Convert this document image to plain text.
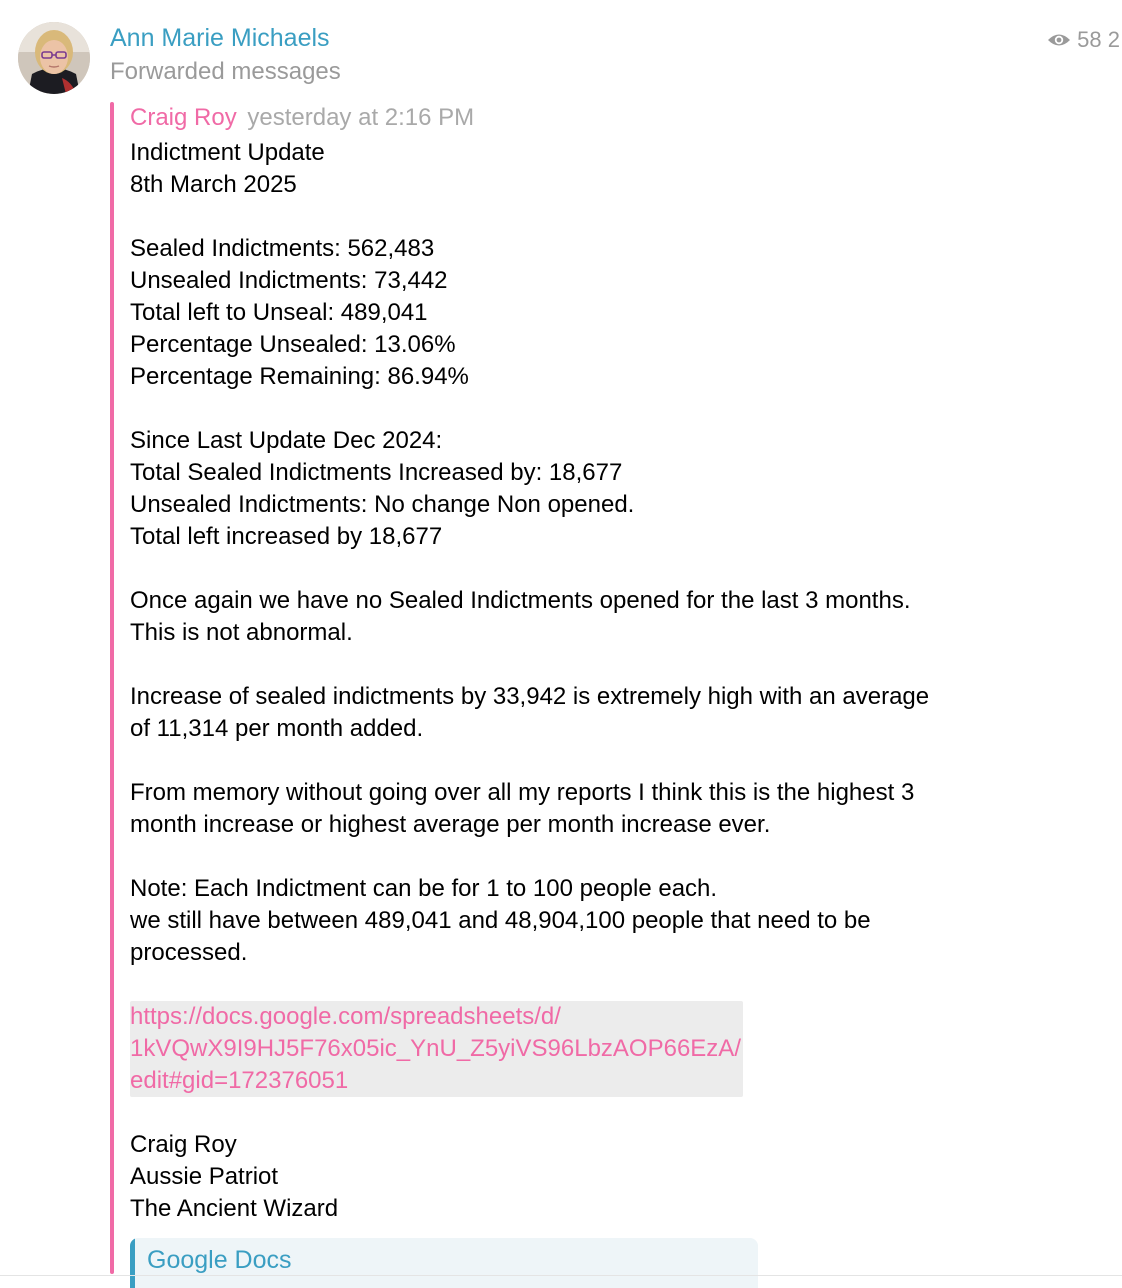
Ann Marie Michaels
Forwarded messages
58 2
Craig Roy yesterday at 2:16 PM
Indictment Update
8th March 2025
Sealed Indictments: 562,483
Unsealed Indictments: 73,442
Total left to Unseal: 489,041
Percentage Unsealed: 13.06%
Percentage Remaining: 86.94%
Since Last Update Dec 2024:
Total Sealed Indictments Increased by: 18,677
Unsealed Indictments: No change Non opened.
Total left increased by 18,677
Once again we have no Sealed Indictments opened for the last 3 months.
This is not abnormal.
Increase of sealed indictments by 33,942 is extremely high with an average
of 11,314 per month added.
From memory without going over all my reports I think this is the highest 3
month increase or highest average per month increase ever.
Note: Each Indictment can be for 1 to 100 people each.
we still have between 489,041 and 48,904,100 people that need to be
processed.
https://docs.google.com/spreadsheets/d/
1kVQwX9I9HJ5F76x05ic_YnU_Z5yiVS96LbzAOP66EzA/
edit#gid=172376051
Craig Roy
Aussie Patriot
The Ancient Wizard
Google Docs
